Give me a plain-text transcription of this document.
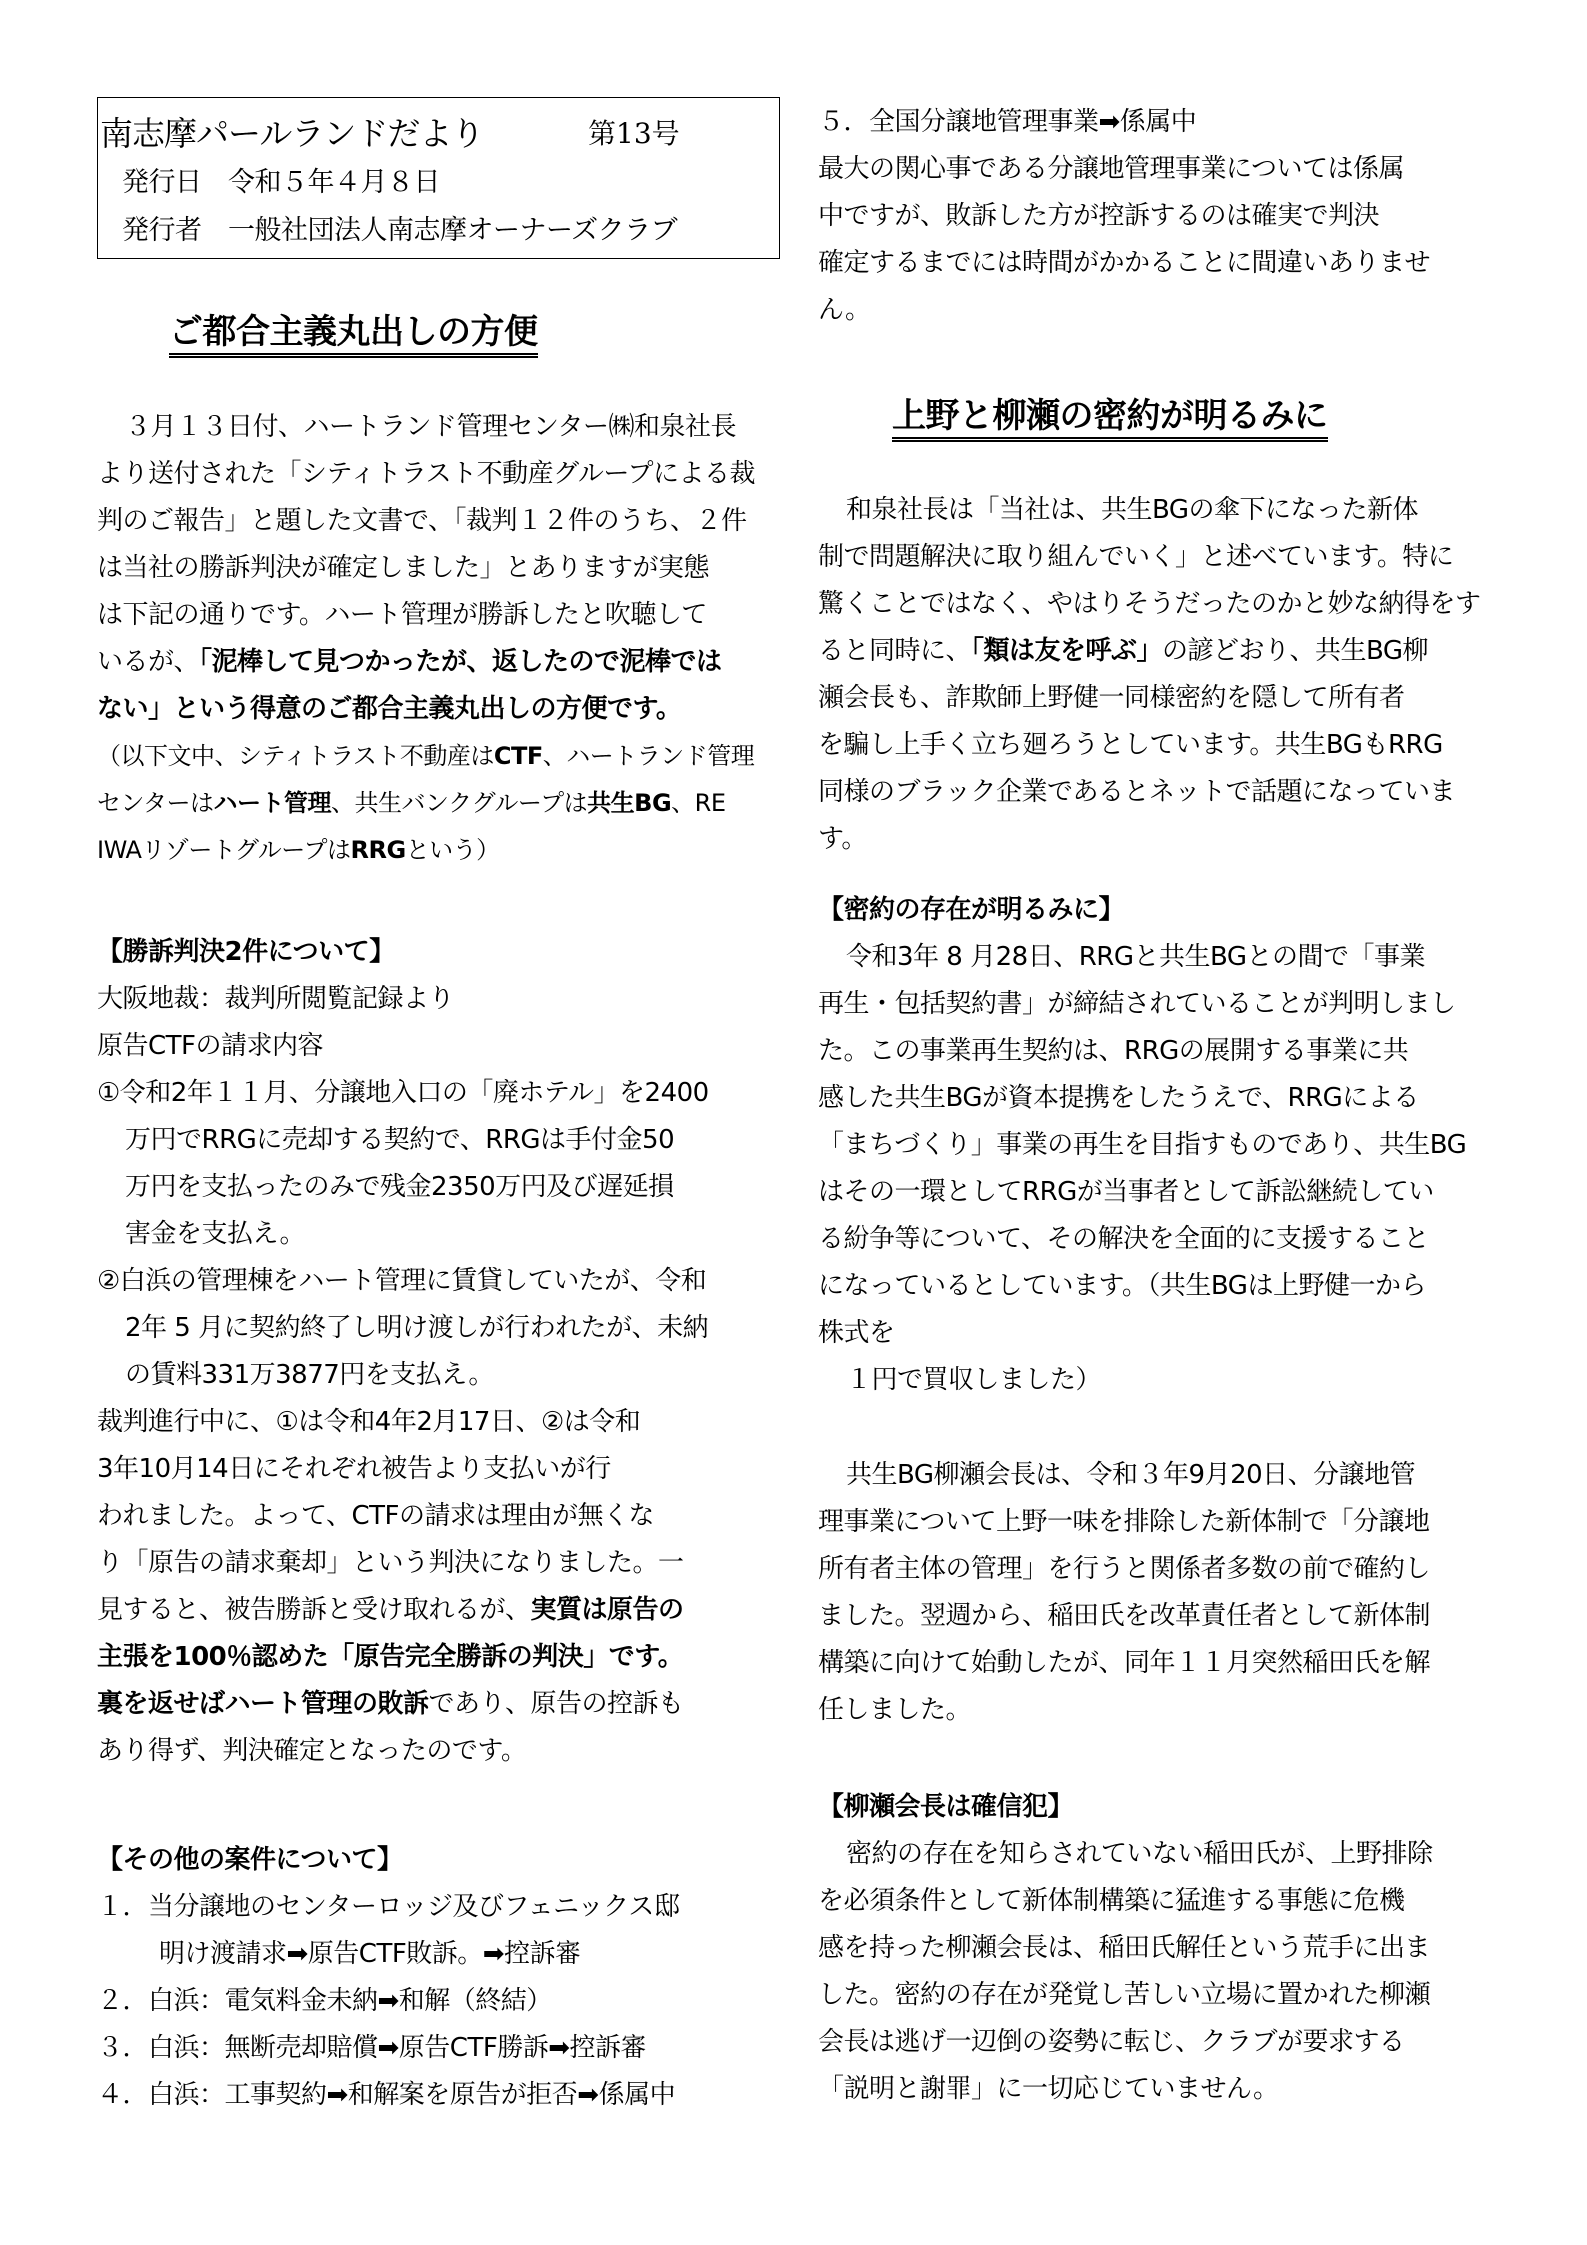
南志摩パールランドだより	第13号
発行日　 令和５年４月８日
発行者　 一般社団法人南志摩オーナーズクラブ
ご都合主義丸出しの方便
３月１３日付、ハートランド管理センター㈱和泉社長
より送付された「シティトラスト不動産グループによる裁
判のご報告」と題した文書で、「裁判１２件のうち、２件
は当社の勝訴判決が確定しました」とありますが実態
は下記の通りです。ハート管理が勝訴したと吹聴して
いるが、「泥棒して見つかったが、返したので泥棒では
ない」という得意のご都合主義丸出しの方便です。
（以下文中、シティトラスト不動産はCTF、ハートランド管理
センターはハート管理、共生バンクグループは共生BG、RE
IWAリゾートグループはRRGという）
【勝訴判決2件について】
大阪地裁：裁判所閲覧記録より
原告CTFの請求内容
①令和2年１１月、分譲地入口の「廃ホテル」を2400
万円でRRGに売却する契約で、RRGは手付金50
万円を支払ったのみで残金2350万円及び遅延損
害金を支払え。
②白浜の管理棟をハート管理に賃貸していたが、令和
2年 5 月に契約終了し明け渡しが行われたが、未納
の賃料331万3877円を支払え。
裁判進行中に、①は令和4年2月17日、②は令和
3年10月14日にそれぞれ被告より支払いが行
われました。よって、CTFの請求は理由が無くな
り「原告の請求棄却」という判決になりました。一
見すると、被告勝訴と受け取れるが、実質は原告の
主張を100％認めた「原告完全勝訴の判決」です。
裏を返せばハート管理の敗訴であり、原告の控訴も
あり得ず、判決確定となったのです。
【その他の案件について】
１．当分譲地のセンターロッジ及びフェニックス邸
明け渡請求➡原告CTF敗訴。➡控訴審
２．白浜：電気料金未納➡和解（終結）
３．白浜：無断売却賠償➡原告CTF勝訴➡控訴審
４．白浜：工事契約➡和解案を原告が拒否➡係属中
５．全国分譲地管理事業➡係属中
最大の関心事である分譲地管理事業については係属
中ですが、敗訴した方が控訴するのは確実で判決
確定するまでには時間がかかることに間違いありませ
ん。
上野と柳瀬の密約が明るみに
和泉社長は「当社は、共生BGの傘下になった新体
制で問題解決に取り組んでいく」と述べています。特に
驚くことではなく、やはりそうだったのかと妙な納得をす
ると同時に、「類は友を呼ぶ」の諺どおり、共生BG柳
瀬会長も、詐欺師上野健一同様密約を隠して所有者
を騙し上手く立ち廻ろうとしています。共生BGもRRG
同様のブラック企業であるとネットで話題になっていま
す。
【密約の存在が明るみに】
令和3年 8 月28日、RRGと共生BGとの間で「事業
再生・包括契約書」が締結されていることが判明しまし
た。この事業再生契約は、RRGの展開する事業に共
感した共生BGが資本提携をしたうえで、RRGによる
「まちづくり」事業の再生を目指すものであり、共生BG
はその一環としてRRGが当事者として訴訟継続してい
る紛争等について、その解決を全面的に支援すること
になっているとしています。（共生BGは上野健一から
株式を
１円で買収しました）
共生BG柳瀬会長は、令和３年9月20日、分譲地管
理事業について上野一味を排除した新体制で「分譲地
所有者主体の管理」を行うと関係者多数の前で確約し
ました。翌週から、稲田氏を改革責任者として新体制
構築に向けて始動したが、同年１１月突然稲田氏を解
任しました。
【柳瀬会長は確信犯】
密約の存在を知らされていない稲田氏が、上野排除
を必須条件として新体制構築に猛進する事態に危機
感を持った柳瀬会長は、稲田氏解任という荒手に出ま
した。密約の存在が発覚し苦しい立場に置かれた柳瀬
会長は逃げ一辺倒の姿勢に転じ、クラブが要求する
「説明と謝罪」に一切応じていません。
